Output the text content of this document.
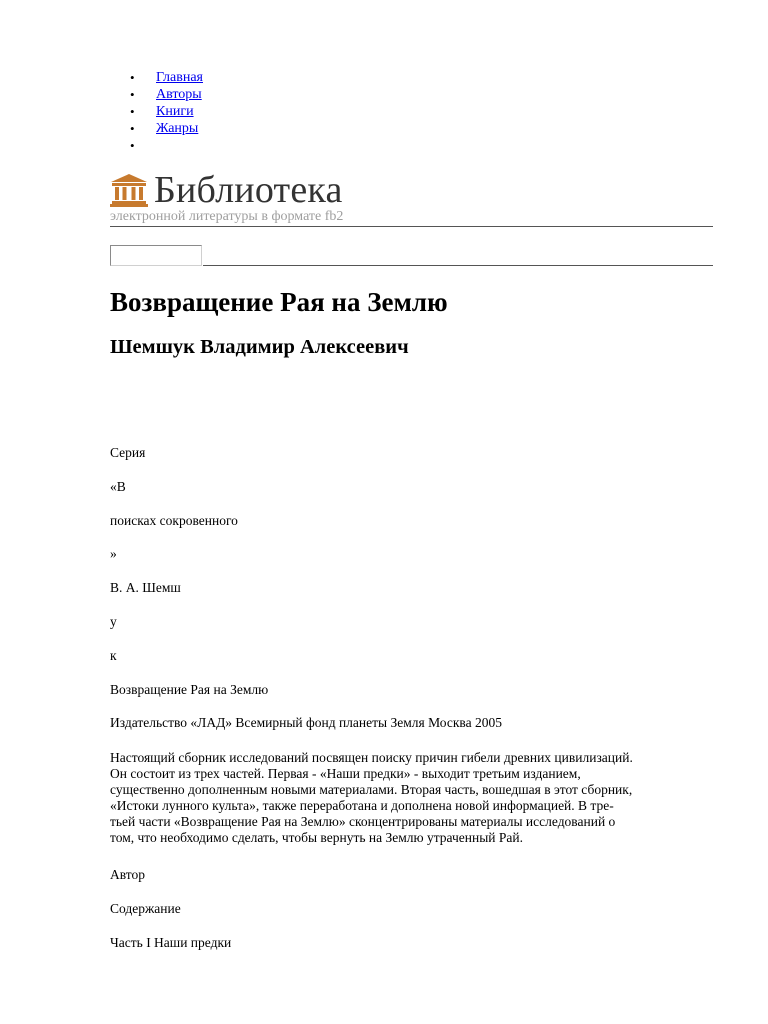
• Главная
• Авторы
• Книги
• Жанры
•
Библиотека
электронной литературы в формате fb2
Возвращение Рая на Землю
Шемшук Владимир Алексеевич

Серия

«В

поисках сокровенного

»

В. А. Шемш

у

к

Возвращение Рая на Землю

Издательство «ЛАД» Всемирный фонд планеты Земля Москва 2005

Настоящий сборник исследований посвящен поиску причин гибели древних цивилизаций.
Он состоит из трех частей. Первая - «Наши предки» - выходит третьим изданием,
существенно дополненным новыми материалами. Вторая часть, вошедшая в этот сборник,
«Истоки лунного культа», также переработана и дополнена новой информацией. В тре-
тьей части «Возвращение Рая на Землю» сконцентрированы материалы исследований о
том, что необходимо сделать, чтобы вернуть на Землю утраченный Рай.

Автор

Содержание

Часть I Наши предки
